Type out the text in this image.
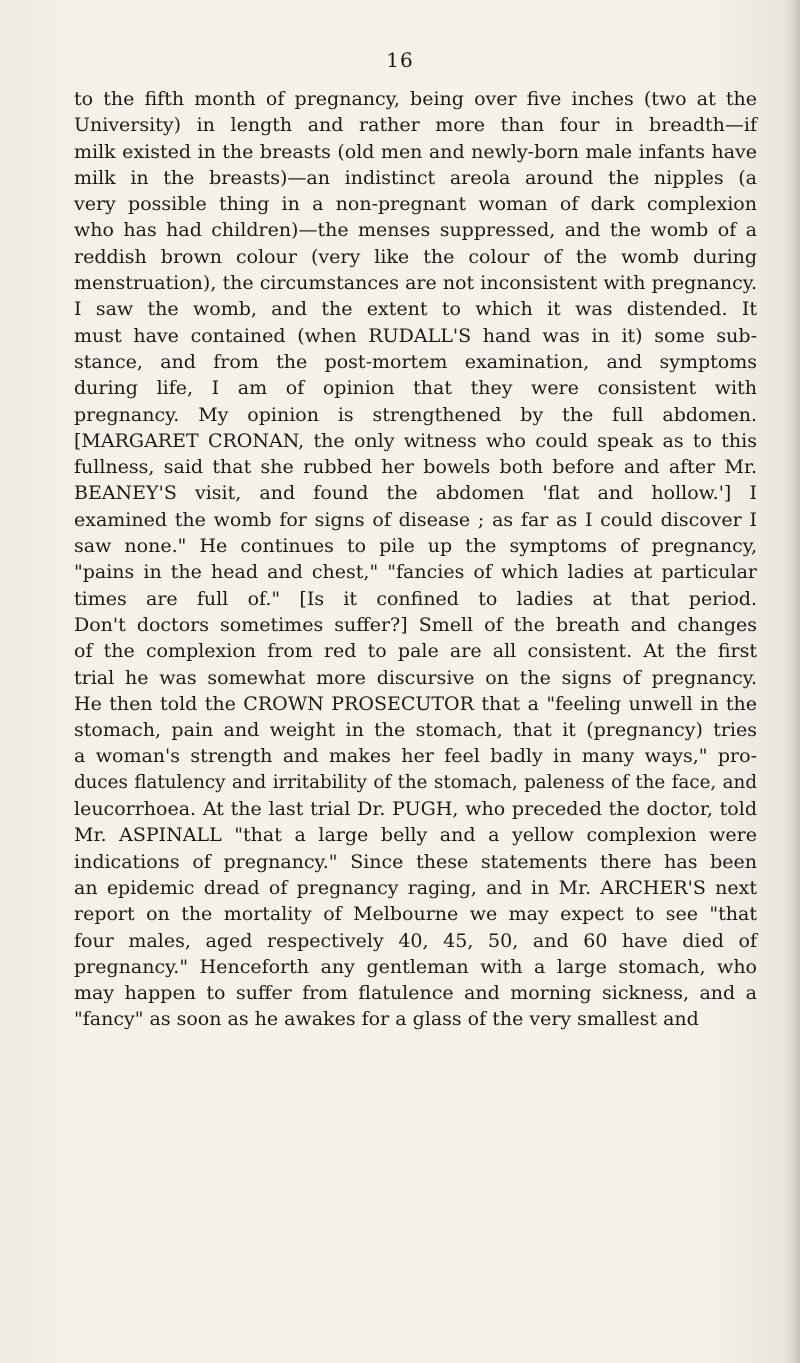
16
to the fifth month of pregnancy, being over five inches (two at the
University) in length and rather more than four in breadth—if
milk existed in the breasts (old men and newly-born male infants have
milk in the breasts)—an indistinct areola around the nipples (a
very possible thing in a non-pregnant woman of dark complexion
who has had children)—the menses suppressed, and the womb of a
reddish brown colour (very like the colour of the womb during
menstruation), the circumstances are not inconsistent with pregnancy.
I saw the womb, and the extent to which it was distended. It
must have contained (when RUDALL'S hand was in it) some sub-
stance, and from the post-mortem examination, and symptoms
during life, I am of opinion that they were consistent with
pregnancy. My opinion is strengthened by the full abdomen.
[MARGARET CRONAN, the only witness who could speak as to this
fullness, said that she rubbed her bowels both before and after Mr.
BEANEY'S visit, and found the abdomen 'flat and hollow.'] I
examined the womb for signs of disease ; as far as I could discover I
saw none." He continues to pile up the symptoms of pregnancy,
"pains in the head and chest," "fancies of which ladies at particular
times are full of." [Is it confined to ladies at that period.
Don't doctors sometimes suffer?] Smell of the breath and changes
of the complexion from red to pale are all consistent. At the first
trial he was somewhat more discursive on the signs of pregnancy.
He then told the CROWN PROSECUTOR that a "feeling unwell in the
stomach, pain and weight in the stomach, that it (pregnancy) tries
a woman's strength and makes her feel badly in many ways," pro-
duces flatulency and irritability of the stomach, paleness of the face, and
leucorrhoea. At the last trial Dr. PUGH, who preceded the doctor, told
Mr. ASPINALL "that a large belly and a yellow complexion were
indications of pregnancy." Since these statements there has been
an epidemic dread of pregnancy raging, and in Mr. ARCHER'S next
report on the mortality of Melbourne we may expect to see "that
four males, aged respectively 40, 45, 50, and 60 have died of
pregnancy." Henceforth any gentleman with a large stomach, who
may happen to suffer from flatulence and morning sickness, and a
"fancy" as soon as he awakes for a glass of the very smallest and
